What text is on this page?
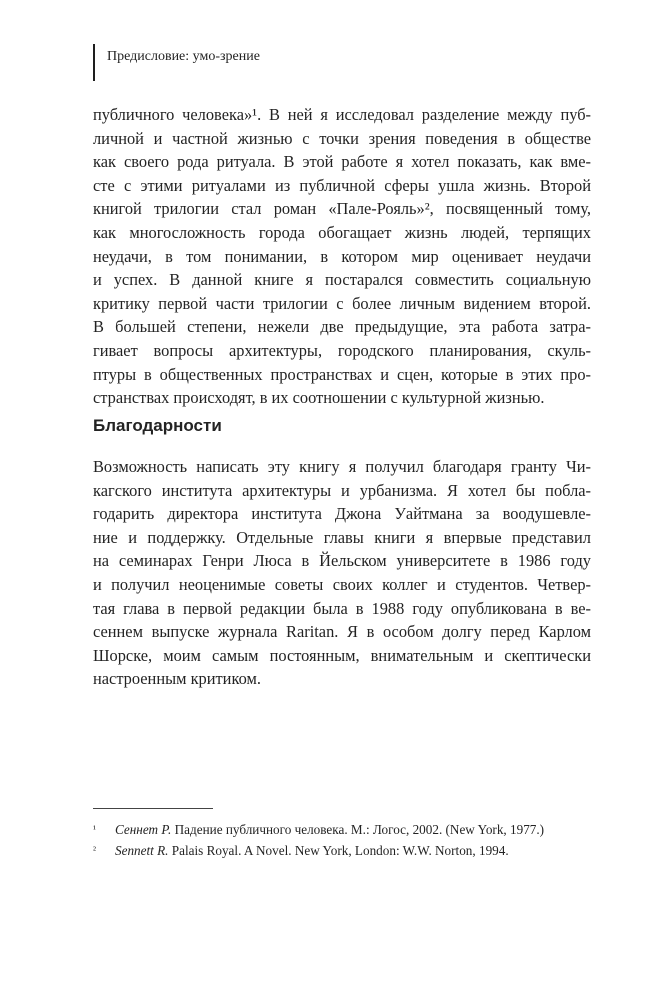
Предисловие: умо-зрение
публичного человека»¹. В ней я исследовал разделение между пуб-
личной и частной жизнью с точки зрения поведения в обществе
как своего рода ритуала. В этой работе я хотел показать, как вме-
сте с этими ритуалами из публичной сферы ушла жизнь. Второй
книгой трилогии стал роман «Пале-Рояль»², посвященный тому,
как многосложность города обогащает жизнь людей, терпящих
неудачи, в том понимании, в котором мир оценивает неудачи
и успех. В данной книге я постарался совместить социальную
критику первой части трилогии с более личным видением второй.
В большей степени, нежели две предыдущие, эта работа затра-
гивает вопросы архитектуры, городского планирования, скуль-
птуры в общественных пространствах и сцен, которые в этих про-
странствах происходят, в их соотношении с культурной жизнью.
Благодарности
Возможность написать эту книгу я получил благодаря гранту Чи-
кагского института архитектуры и урбанизма. Я хотел бы побла-
годарить директора института Джона Уайтмана за воодушевле-
ние и поддержку. Отдельные главы книги я впервые представил
на семинарах Генри Люса в Йельском университете в 1986 году
и получил неоценимые советы своих коллег и студентов. Четвер-
тая глава в первой редакции была в 1988 году опубликована в ве-
сеннем выпуске журнала Raritan. Я в особом долгу перед Карлом
Шорске, моим самым постоянным, внимательным и скептически
настроенным критиком.
¹ Сеннет Р. Падение публичного человека. М.: Логос, 2002. (New York, 1977.)
² Sennett R. Palais Royal. A Novel. New York, London: W.W. Norton, 1994.
